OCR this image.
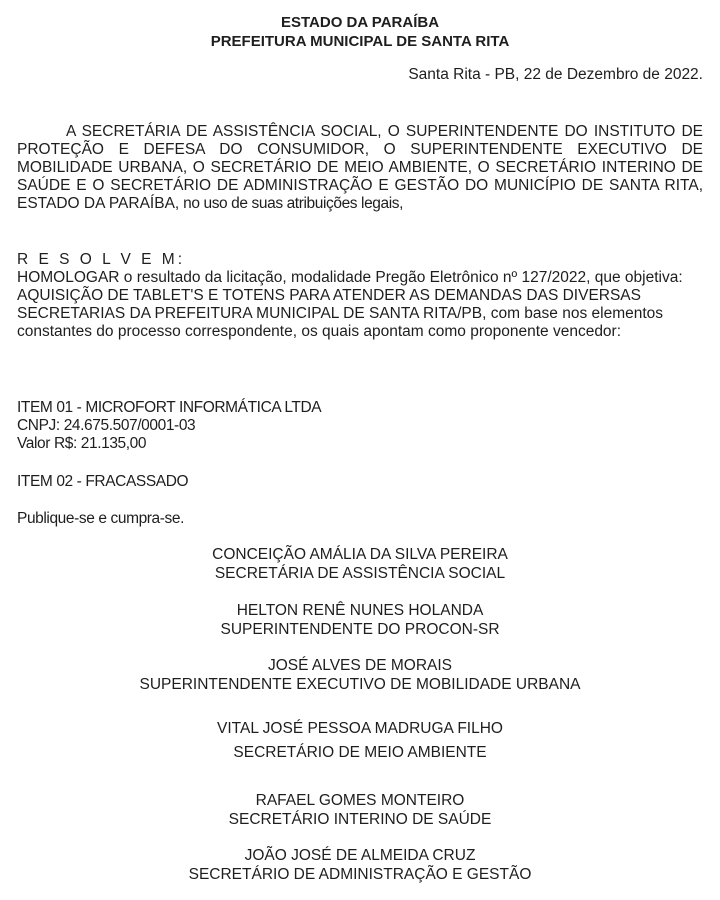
ESTADO DA PARAÍBA
PREFEITURA MUNICIPAL DE SANTA RITA
Santa Rita - PB, 22 de Dezembro de 2022.
A SECRETÁRIA DE ASSISTÊNCIA SOCIAL, O SUPERINTENDENTE DO INSTITUTO DE PROTEÇÃO E DEFESA DO CONSUMIDOR, O SUPERINTENDENTE EXECUTIVO DE MOBILIDADE URBANA, O SECRETÁRIO DE MEIO AMBIENTE, O SECRETÁRIO INTERINO DE SAÚDE E O SECRETÁRIO DE ADMINISTRAÇÃO E GESTÃO DO MUNICÍPIO DE SANTA RITA, ESTADO DA PARAÍBA, no uso de suas atribuições legais,
R E S O L V E M:
HOMOLOGAR o resultado da licitação, modalidade Pregão Eletrônico nº 127/2022, que objetiva: AQUISIÇÃO DE TABLET'S E TOTENS PARA ATENDER AS DEMANDAS DAS DIVERSAS SECRETARIAS DA PREFEITURA MUNICIPAL DE SANTA RITA/PB, com base nos elementos constantes do processo correspondente, os quais apontam como proponente vencedor:
ITEM 01 - MICROFORT INFORMÁTICA LTDA
CNPJ: 24.675.507/0001-03
Valor R$: 21.135,00
ITEM 02 - FRACASSADO
Publique-se e cumpra-se.
CONCEIÇÃO AMÁLIA DA SILVA PEREIRA
SECRETÁRIA DE ASSISTÊNCIA SOCIAL
HELTON RENÊ NUNES HOLANDA
SUPERINTENDENTE DO PROCON-SR
JOSÉ ALVES DE MORAIS
SUPERINTENDENTE EXECUTIVO DE MOBILIDADE URBANA
VITAL JOSÉ PESSOA MADRUGA FILHO
SECRETÁRIO DE MEIO AMBIENTE
RAFAEL GOMES MONTEIRO
SECRETÁRIO INTERINO DE SAÚDE
JOÃO JOSÉ DE ALMEIDA CRUZ
SECRETÁRIO DE ADMINISTRAÇÃO E GESTÃO
